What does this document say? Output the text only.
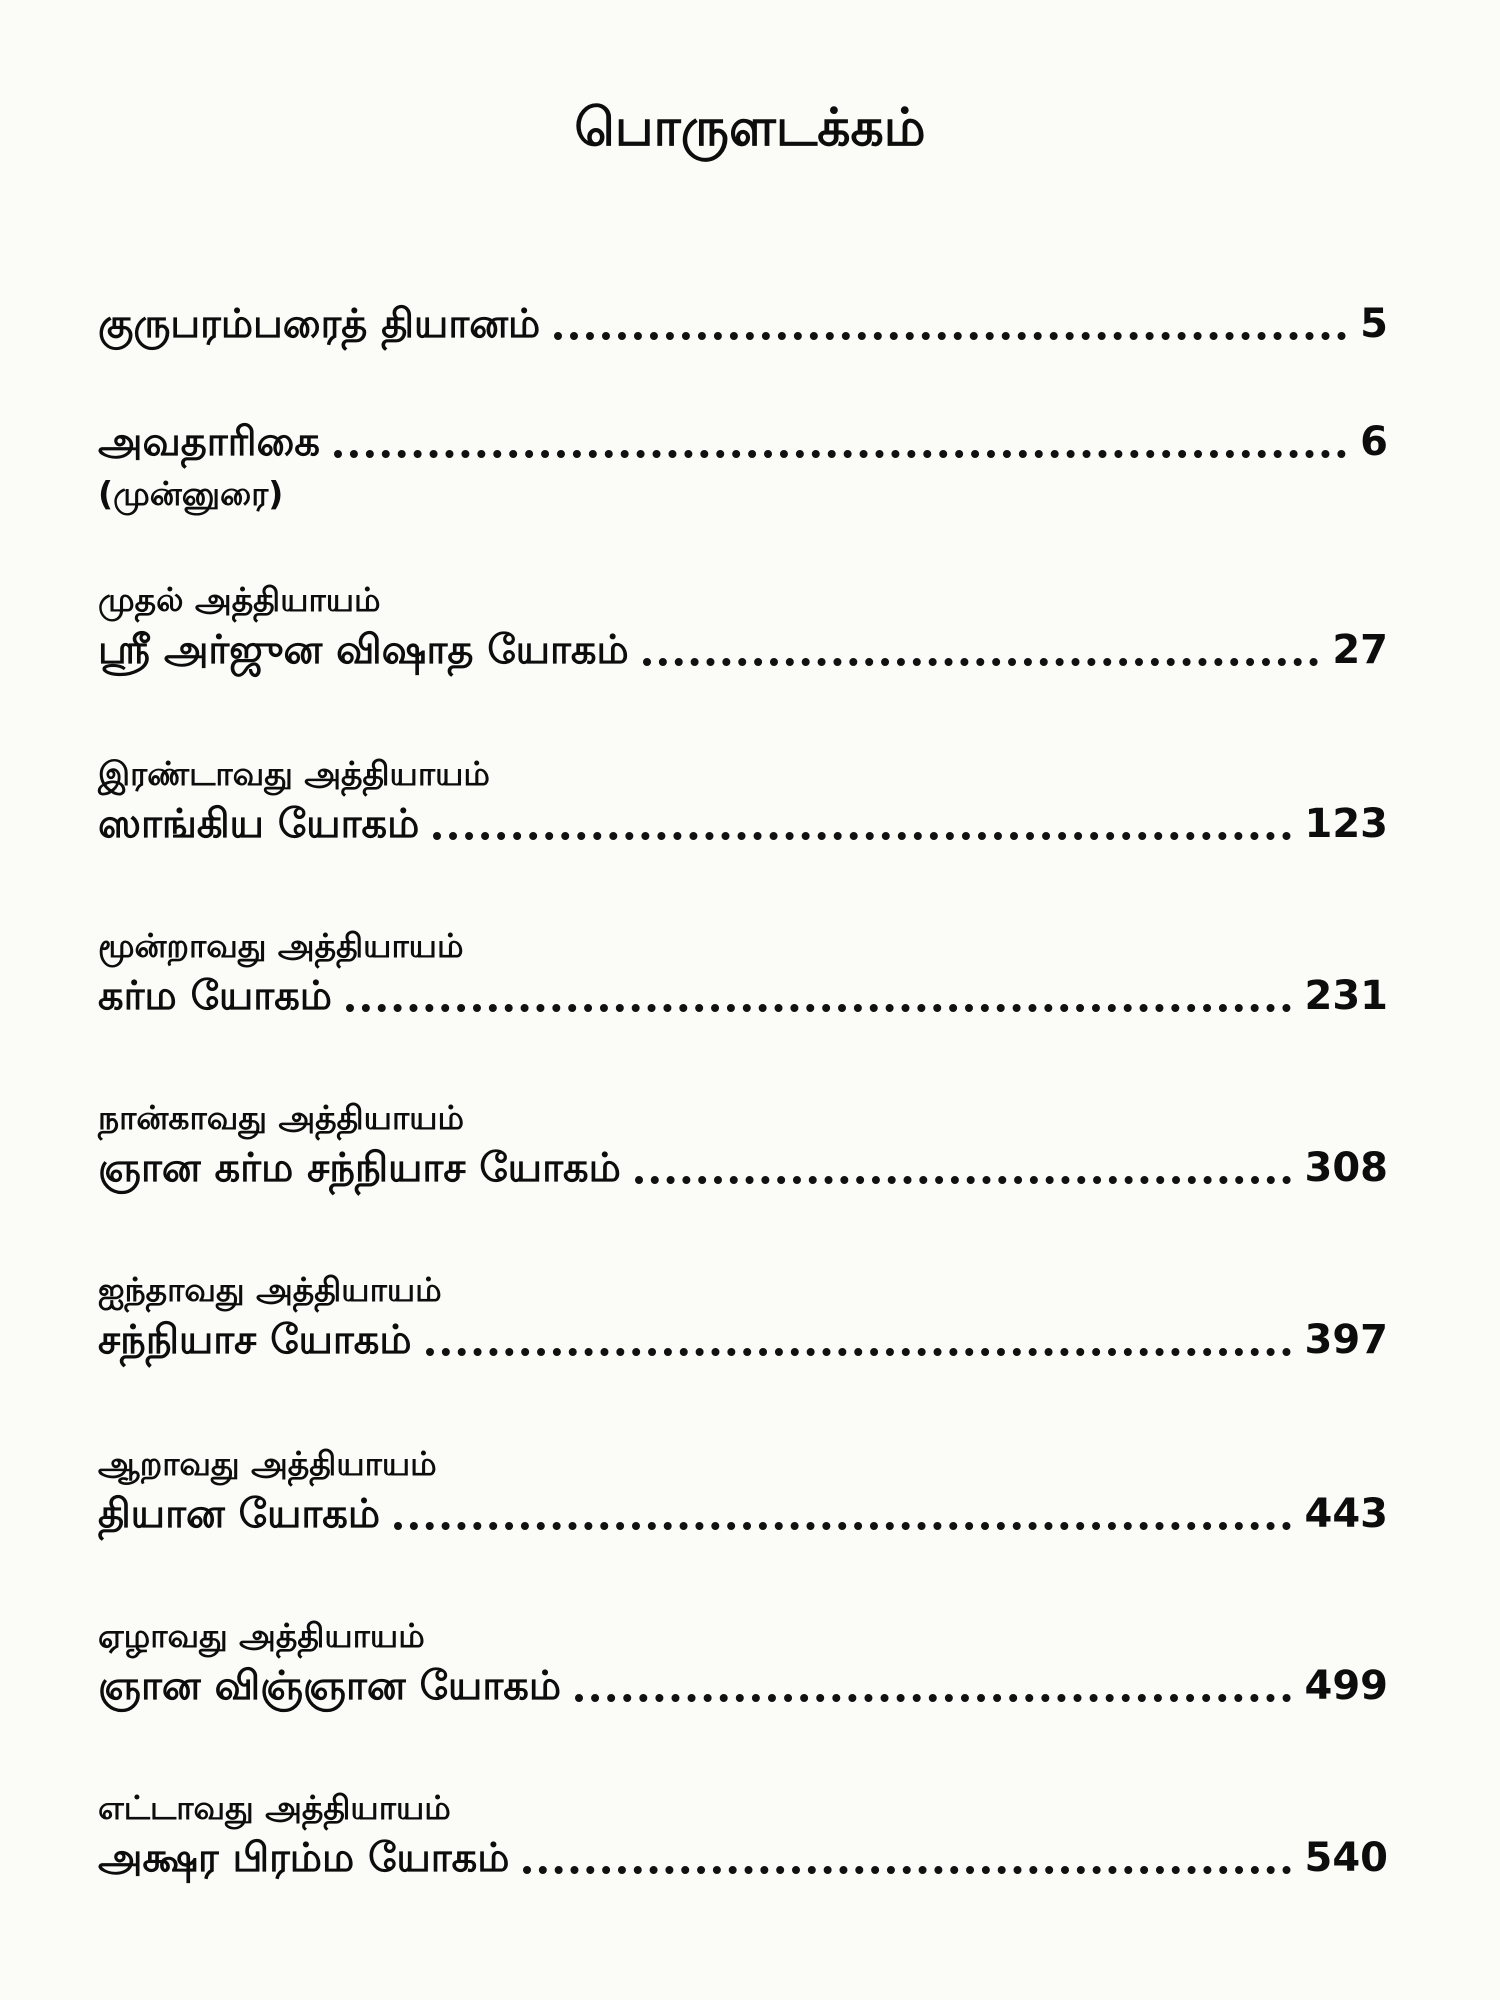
பொருளடக்கம்
குருபரம்பரைத் தியானம்	5
அவதாரிகை	6
(முன்னுரை)
முதல் அத்தியாயம்
ஸ்ரீ அர்ஜுன விஷாத யோகம்	27
இரண்டாவது அத்தியாயம்
ஸாங்கிய யோகம்	123
மூன்றாவது அத்தியாயம்
கர்ம யோகம்	231
நான்காவது அத்தியாயம்
ஞான கர்ம சந்நியாச யோகம்	308
ஐந்தாவது அத்தியாயம்
சந்நியாச யோகம்	397
ஆறாவது அத்தியாயம்
தியான யோகம்	443
ஏழாவது அத்தியாயம்
ஞான விஞ்ஞான யோகம்	499
எட்டாவது அத்தியாயம்
அக்ஷர பிரம்ம யோகம்	540
